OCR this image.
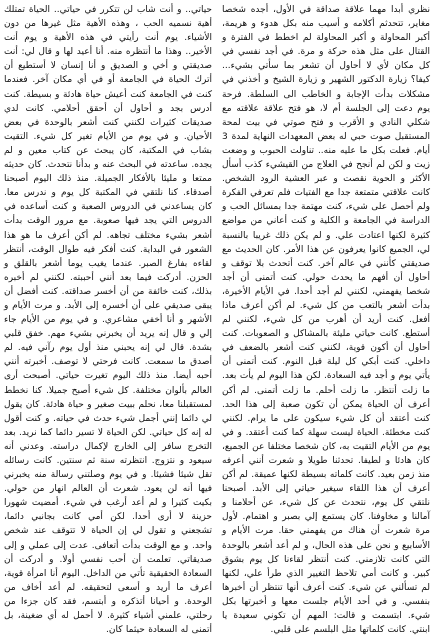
نظري أبدا مهما علاقة صداقة في الأول، أجده شخصا مغاير، تتحدثم أكلامه و أسيب منه بكل هدوء و هريمة، أكبر المحاولة و أكبر المحاولة لم اخطط في الفترة و القتال على مثل هذه حركة و مرة. في أجد نفسي في كل مكان لأي لا أحاول أن تشعر بما سأتي بشيء... كيفا؟ زيارة الدكتور الشهير و زيارة الشيخ و أخذني في مشكلات بدأت الإجابة و الخاطب الى السلطة. فرحة يوم دعت إلى الجلسة أم لا، هو فتح علاقة علاقته مع شكلي النادي و الأقرب و فتح صوتي في بيت لمحة المستقبل صوت حبي له بعض المعهدات النهاية لمدة 3 أيام. فعلت بكل ما عليه منه.. تناولت الحبوب و وضعت زيت و لكن لم أنجح في العلاج من القيشيء كذب أسأل الأكثر و الحوية نقصت و عبر العشية الرود الشخص. كانت علاقتي متمتعة جدا مع الفتيات فلم تعرفي الفكرة ولم أحصل على شيء، كنت مهتمة جدا بمسائل الحب و الدراسة في الجامعة و الكلية و كنت أعاني من مواضع كثيرة لكنها اعتادت علي. و لم يكن ذلك غريبا بالنسبة لي، الجميع كانوا يعرفون عن هذا الأمر. كان الحديث مع صديقتي كأنني في عالم آخر. كنت أتحدث بلا توقف و أحاول أن أفهم ما يحدث حولي. كنت أتمنى أن أجد شخصا يفهمني، لكنني لم أجد أحدا. في الأيام الأخيرة، بدأت أشعر بالتعب من كل شيء. لم أكن أعرف ماذا أفعل. كنت أريد أن أهرب من كل شيء، لكنني لم أستطع. كانت حياتي مليئة بالمشاكل و الصعوبات. كنت أحاول أن أكون قوية، لكنني كنت أشعر بالضعف في داخلي. كنت أبكي كل ليلة قبل النوم. كنت أتمنى أن يأتي يوم و أجد فيه السعادة. لكن هذا اليوم لم يأت بعد. ما زلت أنتظر. ما زلت أحلم. ما زلت أتمنى. لم أكن أعرف أن الحياة يمكن أن تكون صعبة إلى هذا الحد. كنت أعتقد أن كل شيء سيكون على ما يرام. لكنني كنت مخطئة. الحياة ليست سهلة كما كنت أعتقد. و في يوم من الأيام التقيت به، كان شخصا مختلفا عن الجميع، كان هادئا و لطيفا. تحدثنا طويلا و شعرت أنني أعرفه منذ زمن بعيد. كانت كلماته بسيطة لكنها عميقة. لم أكن أعرف أن هذا اللقاء سيغير حياتي إلى الأبد. أصبحنا نلتقي كل يوم، نتحدث عن كل شيء، عن أحلامنا و آمالنا و مخاوفنا. كان يستمع إلي بصبر و اهتمام. لأول مرة شعرت أن هناك من يفهمني حقا. مرت الأيام و الأسابيع و نحن على هذه الحال، و لم أعد أشعر بالوحدة التي كانت تلازمني. كنت أنتظر لقاءنا كل يوم بشوق كبير. و كانت أمي تلاحظ التغيير الذي طرأ علي، لكنها لم تسألني عن شيء. كنت أعرف أنها تنتظر أن أخبرها بنفسي. و في أحد الأيام جلست معها و أخبرتها بكل شيء. ابتسمت و قالت: المهم أن تكوني سعيدة يا ابنتي. كانت كلماتها مثل البلسم على قلبي.

حياتي.. و أنت شاب لن تتكرر في حياتي.. الحياة تمتلك أهية نسميه الحب ، وهذه الأهية مثل غيرها من دون الأشياء. يوم أنت رأيتي في هذه الأهية و يوم أنت الأخير.. وهذا ما أنتظره منه. أنا أعيد لها و قال لي: أنت صديقتي و أخي و الصديق و أنا إنسان لا أستطيع أن أترك الحياة في الجامعة أو في أي مكان آخر. فعندما كنت في الجامعة كنت أعيش حياة هادئة و بسيطة. كنت أدرس بجد و أحاول أن أحقق أحلامي. كانت لدي صديقات كثيرات لكنني كنت أشعر بالوحدة في بعض الأحيان. و في يوم من الأيام تغير كل شيء. التقيت بشاب في المكتبة، كان يبحث عن كتاب معين و لم يجده. ساعدته في البحث عنه و بدأنا نتحدث. كان حديثه ممتعا و مليئا بالأفكار الجميلة. منذ ذلك اليوم أصبحنا أصدقاء. كنا نلتقي في المكتبة كل يوم و ندرس معا. كان يساعدني في الدروس الصعبة و كنت أساعده في الدروس التي يجد فيها صعوبة. مع مرور الوقت بدأت أشعر بشيء مختلف تجاهه. لم أكن أعرف ما هو هذا الشعور في البداية. كنت أفكر فيه طوال الوقت، أنتظر لقاءه بفارغ الصبر. عندما يغيب يوما أشعر بالقلق و الحزن. أدركت فيما بعد أنني أحببته. لكنني لم أخبره بذلك، كنت خائفة من أن أخسر صداقته. كنت أفضل أن يبقى صديقي على أن أخسره إلى الأبد. و مرت الأيام و الأشهر و أنا أخفي مشاعري. و في يوم من الأيام جاء إلي و قال إنه يريد أن يخبرني بشيء مهم. خفق قلبي بشدة. قال لي إنه يحبني منذ أول يوم رآني فيه. لم أصدق ما سمعت. كانت فرحتي لا توصف. أخبرته أنني أحبه أيضا. منذ ذلك اليوم تغيرت حياتي. أصبحت أرى العالم بألوان مختلفة. كل شيء أصبح جميلا. كنا نخطط لمستقبلنا معا، نحلم ببيت صغير و حياة هادئة. كان يقول لي دائما إنني أجمل شيء حدث في حياته. و كنت أقول له إنه كل حياتي. لكن الحياة لا تسير دائما كما نريد. بعد التخرج سافر إلى الخارج لإكمال دراسته. وعدني أنه سيعود و نتزوج. انتظرته سنة ثم سنتين. كانت رسائله تقل شيئا فشيئا. و في يوم وصلتني رسالة منه يخبرني فيها أنه لن يعود. شعرت أن العالم انهار من حولي. بكيت كثيرا و لم أعد أرغب في شيء. أمضيت شهورا حزينة لا أرى أحدا. لكن أمي كانت بجانبي دائما، تشجعني و تقول لي إن الحياة لا تتوقف عند شخص واحد. و مع الوقت بدأت أتعافى. عدت إلى عملي و إلى صديقاتي. تعلمت أن أحب نفسي أولا. و أدركت أن السعادة الحقيقية تأتي من الداخل. اليوم أنا امرأة قوية، أعرف ما أريد و أسعى لتحقيقه. لم أعد أخاف من الوحدة. و أحيانا أتذكره و أبتسم، فقد كان جزءا من رحلتي، علمني أشياء كثيرة. لا أحمل له أي ضغينة، بل أتمنى له السعادة حيثما كان.
